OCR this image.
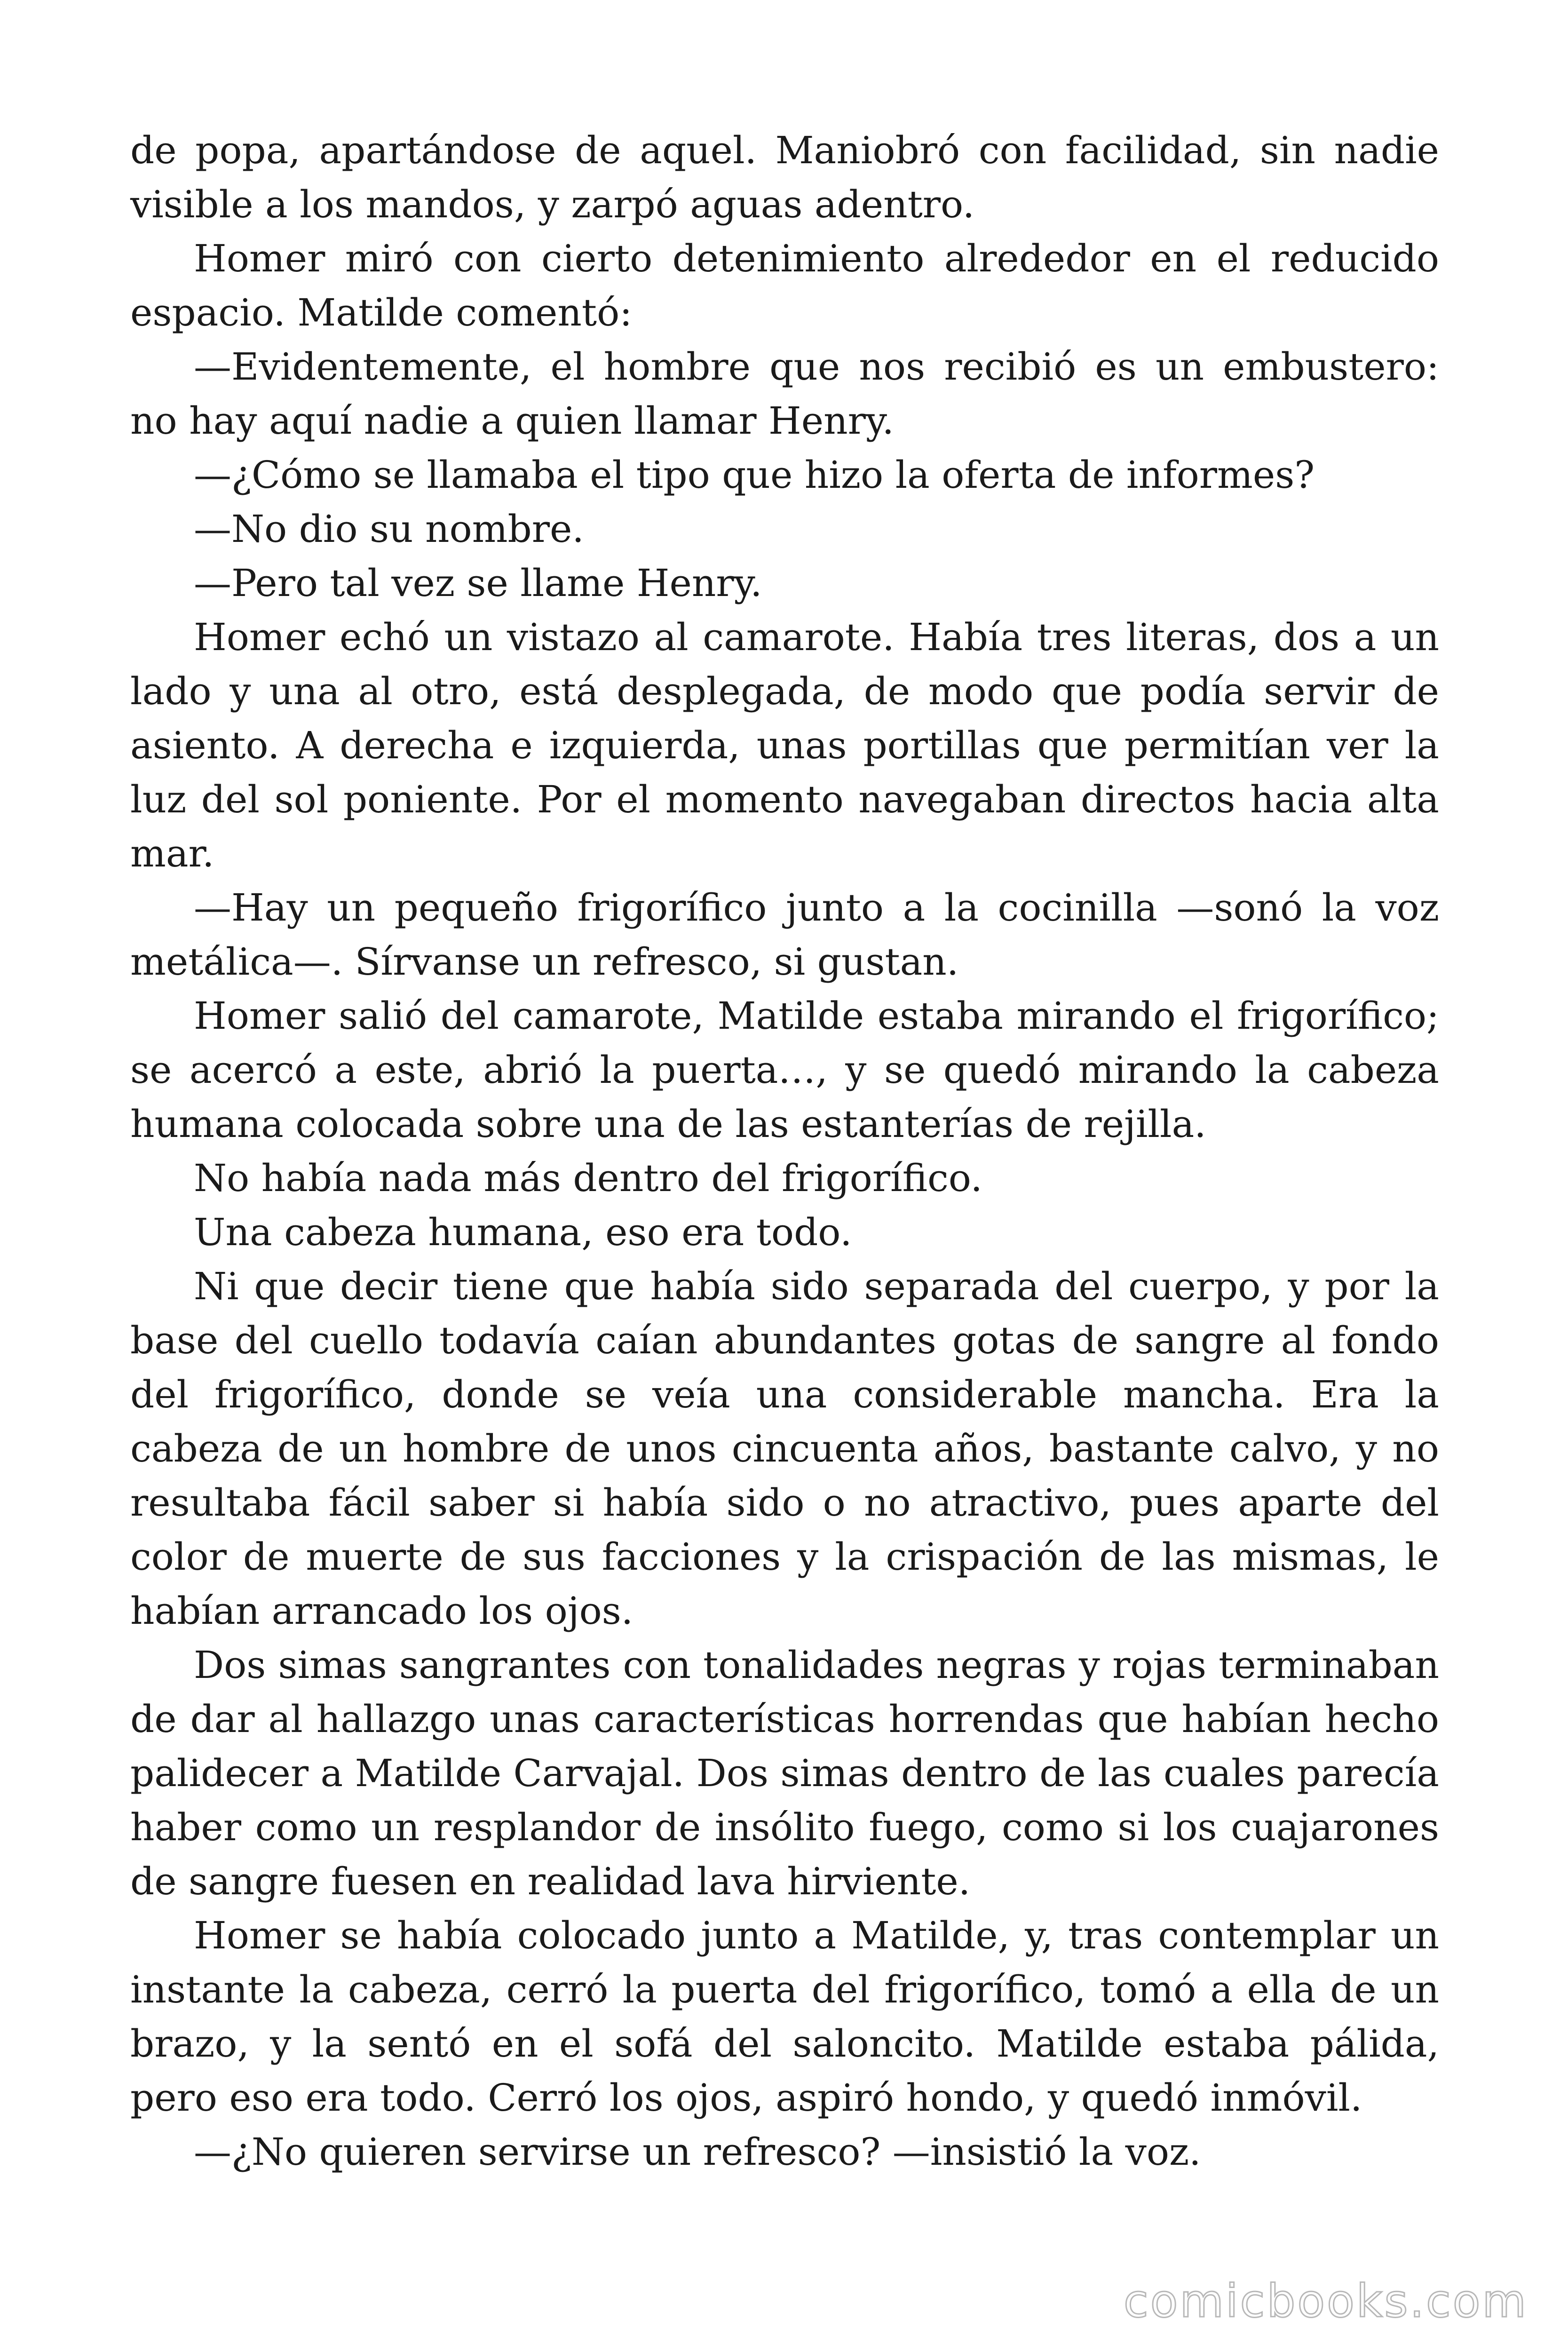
de popa, apartándose de aquel. Maniobró con facilidad, sin nadie visible a los mandos, y zarpó aguas adentro.

Homer miró con cierto detenimiento alrededor en el reducido espacio. Matilde comentó:

—Evidentemente, el hombre que nos recibió es un embustero: no hay aquí nadie a quien llamar Henry.

—¿Cómo se llamaba el tipo que hizo la oferta de informes?

—No dio su nombre.

—Pero tal vez se llame Henry.

Homer echó un vistazo al camarote. Había tres literas, dos a un lado y una al otro, está desplegada, de modo que podía servir de asiento. A derecha e izquierda, unas portillas que permitían ver la luz del sol poniente. Por el momento navegaban directos hacia alta mar.

—Hay un pequeño frigorífico junto a la cocinilla —sonó la voz metálica—. Sírvanse un refresco, si gustan.

Homer salió del camarote, Matilde estaba mirando el frigorífico; se acercó a este, abrió la puerta…, y se quedó mirando la cabeza humana colocada sobre una de las estanterías de rejilla.

No había nada más dentro del frigorífico.

Una cabeza humana, eso era todo.

Ni que decir tiene que había sido separada del cuerpo, y por la base del cuello todavía caían abundantes gotas de sangre al fondo del frigorífico, donde se veía una considerable mancha. Era la cabeza de un hombre de unos cincuenta años, bastante calvo, y no resultaba fácil saber si había sido o no atractivo, pues aparte del color de muerte de sus facciones y la crispación de las mismas, le habían arrancado los ojos.

Dos simas sangrantes con tonalidades negras y rojas terminaban de dar al hallazgo unas características horrendas que habían hecho palidecer a Matilde Carvajal. Dos simas dentro de las cuales parecía haber como un resplandor de insólito fuego, como si los cuajarones de sangre fuesen en realidad lava hirviente.

Homer se había colocado junto a Matilde, y, tras contemplar un instante la cabeza, cerró la puerta del frigorífico, tomó a ella de un brazo, y la sentó en el sofá del saloncito. Matilde estaba pálida, pero eso era todo. Cerró los ojos, aspiró hondo, y quedó inmóvil.

—¿No quieren servirse un refresco? —insistió la voz.

comicbooks.com
